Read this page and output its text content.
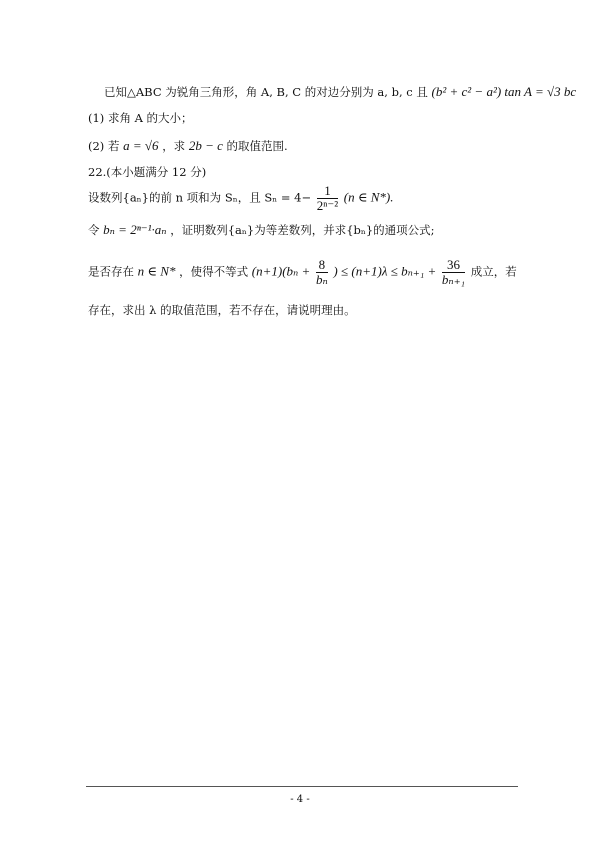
已知△ABC 为锐角三角形，角 A, B, C 的对边分别为 a, b, c 且 (b² + c² − a²) tan A = √3 bc
(1) 求角 A 的大小；
(2) 若 a = √6 ，求 2b − c 的取值范围.
22.(本小题满分 12 分)
设数列{aₙ}的前 n 项和为 Sₙ，且 $S_n = 4- \frac{1}{\text{2ⁿ⁻²}} (n$ ∈ N*).
令 bₙ = 2ⁿ⁻¹·aₙ ，证明数列{aₙ}为等差数列，并求{bₙ}的通项公式;
是否存在 n ∈ N* ，使得不等式 $(n+1)(b_n + \frac{8}{\text{bₙ}}$ ) ≤ $(n+1)\lambda \le b_{n+1} + \frac{36}{\text{bₙ₊₁}}$ 成立，若
存在，求出 λ 的取值范围，若不存在，请说明理由。
- 4 -
